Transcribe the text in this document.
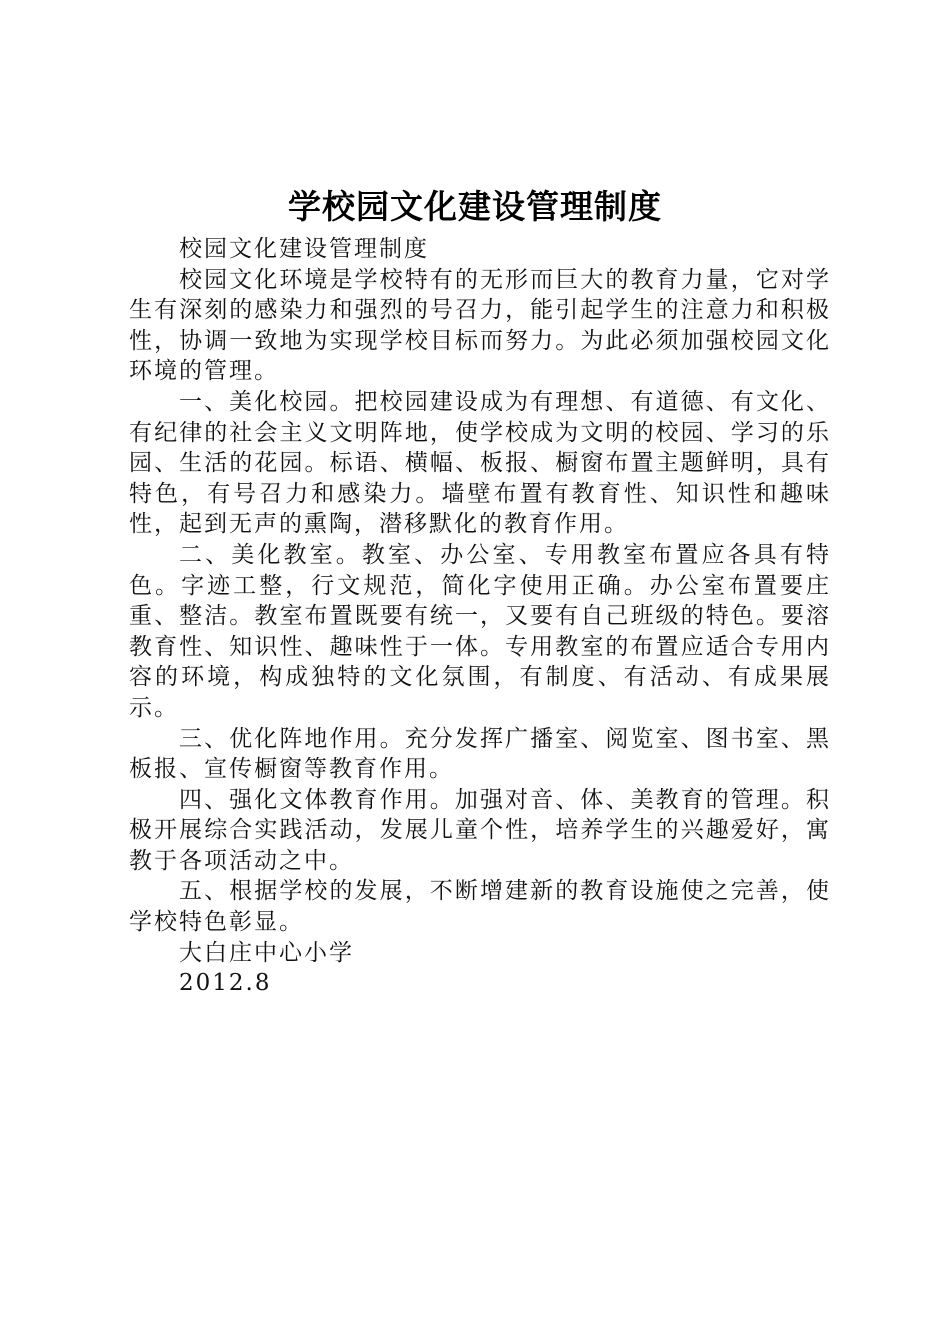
学校园文化建设管理制度

校园文化建设管理制度

校园文化环境是学校特有的无形而巨大的教育力量，它对学生有深刻的感染力和强烈的号召力，能引起学生的注意力和积极性，协调一致地为实现学校目标而努力。为此必须加强校园文化环境的管理。

一、美化校园。把校园建设成为有理想、有道德、有文化、有纪律的社会主义文明阵地，使学校成为文明的校园、学习的乐园、生活的花园。标语、横幅、板报、橱窗布置主题鲜明，具有特色，有号召力和感染力。墙壁布置有教育性、知识性和趣味性，起到无声的熏陶，潜移默化的教育作用。

二、美化教室。教室、办公室、专用教室布置应各具有特色。字迹工整，行文规范，简化字使用正确。办公室布置要庄重、整洁。教室布置既要有统一，又要有自己班级的特色。要溶教育性、知识性、趣味性于一体。专用教室的布置应适合专用内容的环境，构成独特的文化氛围，有制度、有活动、有成果展示。

三、优化阵地作用。充分发挥广播室、阅览室、图书室、黑板报、宣传橱窗等教育作用。

四、强化文体教育作用。加强对音、体、美教育的管理。积极开展综合实践活动，发展儿童个性，培养学生的兴趣爱好，寓教于各项活动之中。

五、根据学校的发展，不断增建新的教育设施使之完善，使学校特色彰显。

大白庄中心小学

2012.8
